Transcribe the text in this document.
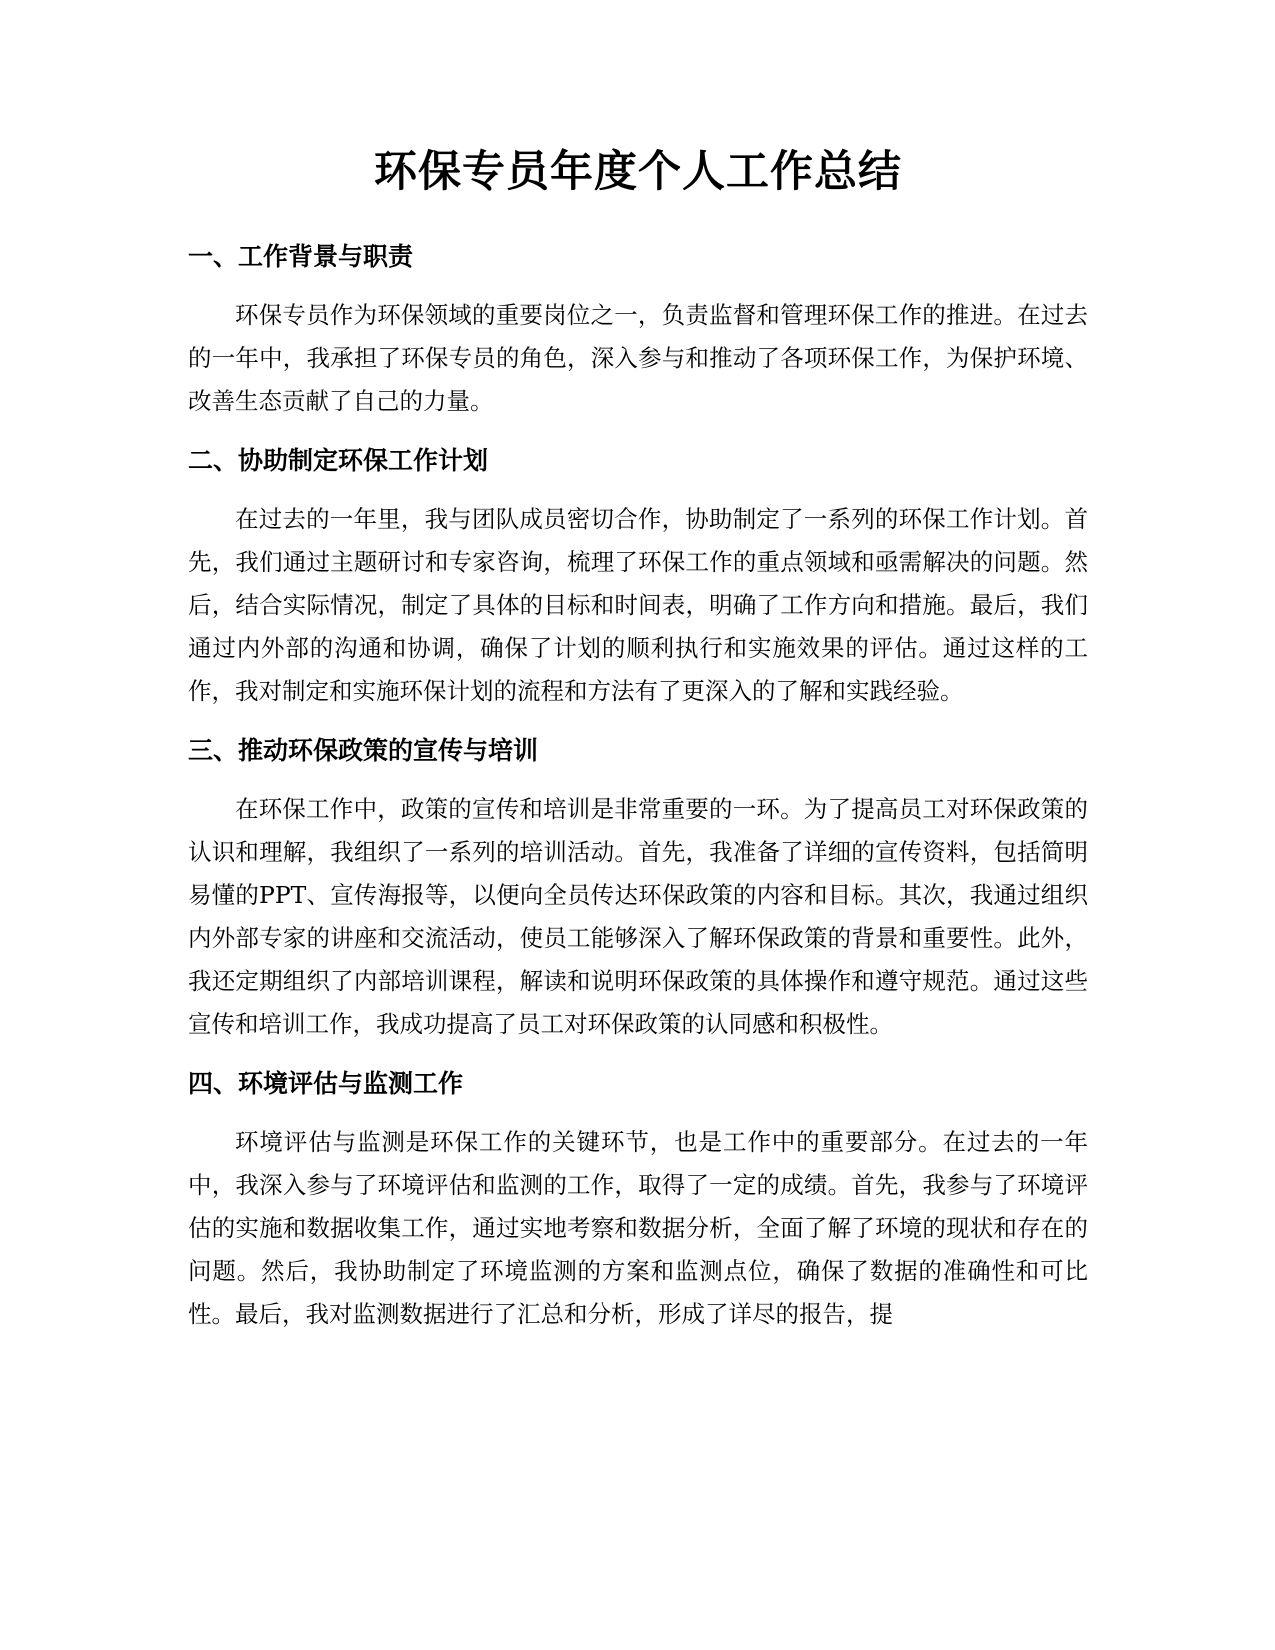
环保专员年度个人工作总结
一、工作背景与职责

环保专员作为环保领域的重要岗位之一，负责监督和管理环保工作的推进。在过去的一年中，我承担了环保专员的角色，深入参与和推动了各项环保工作，为保护环境、改善生态贡献了自己的力量。

二、协助制定环保工作计划

在过去的一年里，我与团队成员密切合作，协助制定了一系列的环保工作计划。首先，我们通过主题研讨和专家咨询，梳理了环保工作的重点领域和亟需解决的问题。然后，结合实际情况，制定了具体的目标和时间表，明确了工作方向和措施。最后，我们通过内外部的沟通和协调，确保了计划的顺利执行和实施效果的评估。通过这样的工作，我对制定和实施环保计划的流程和方法有了更深入的了解和实践经验。

三、推动环保政策的宣传与培训

在环保工作中，政策的宣传和培训是非常重要的一环。为了提高员工对环保政策的认识和理解，我组织了一系列的培训活动。首先，我准备了详细的宣传资料，包括简明易懂的PPT、宣传海报等，以便向全员传达环保政策的内容和目标。其次，我通过组织内外部专家的讲座和交流活动，使员工能够深入了解环保政策的背景和重要性。此外，我还定期组织了内部培训课程，解读和说明环保政策的具体操作和遵守规范。通过这些宣传和培训工作，我成功提高了员工对环保政策的认同感和积极性。

四、环境评估与监测工作

环境评估与监测是环保工作的关键环节，也是工作中的重要部分。在过去的一年中，我深入参与了环境评估和监测的工作，取得了一定的成绩。首先，我参与了环境评估的实施和数据收集工作，通过实地考察和数据分析，全面了解了环境的现状和存在的问题。然后，我协助制定了环境监测的方案和监测点位，确保了数据的准确性和可比性。最后，我对监测数据进行了汇总和分析，形成了详尽的报告，提
